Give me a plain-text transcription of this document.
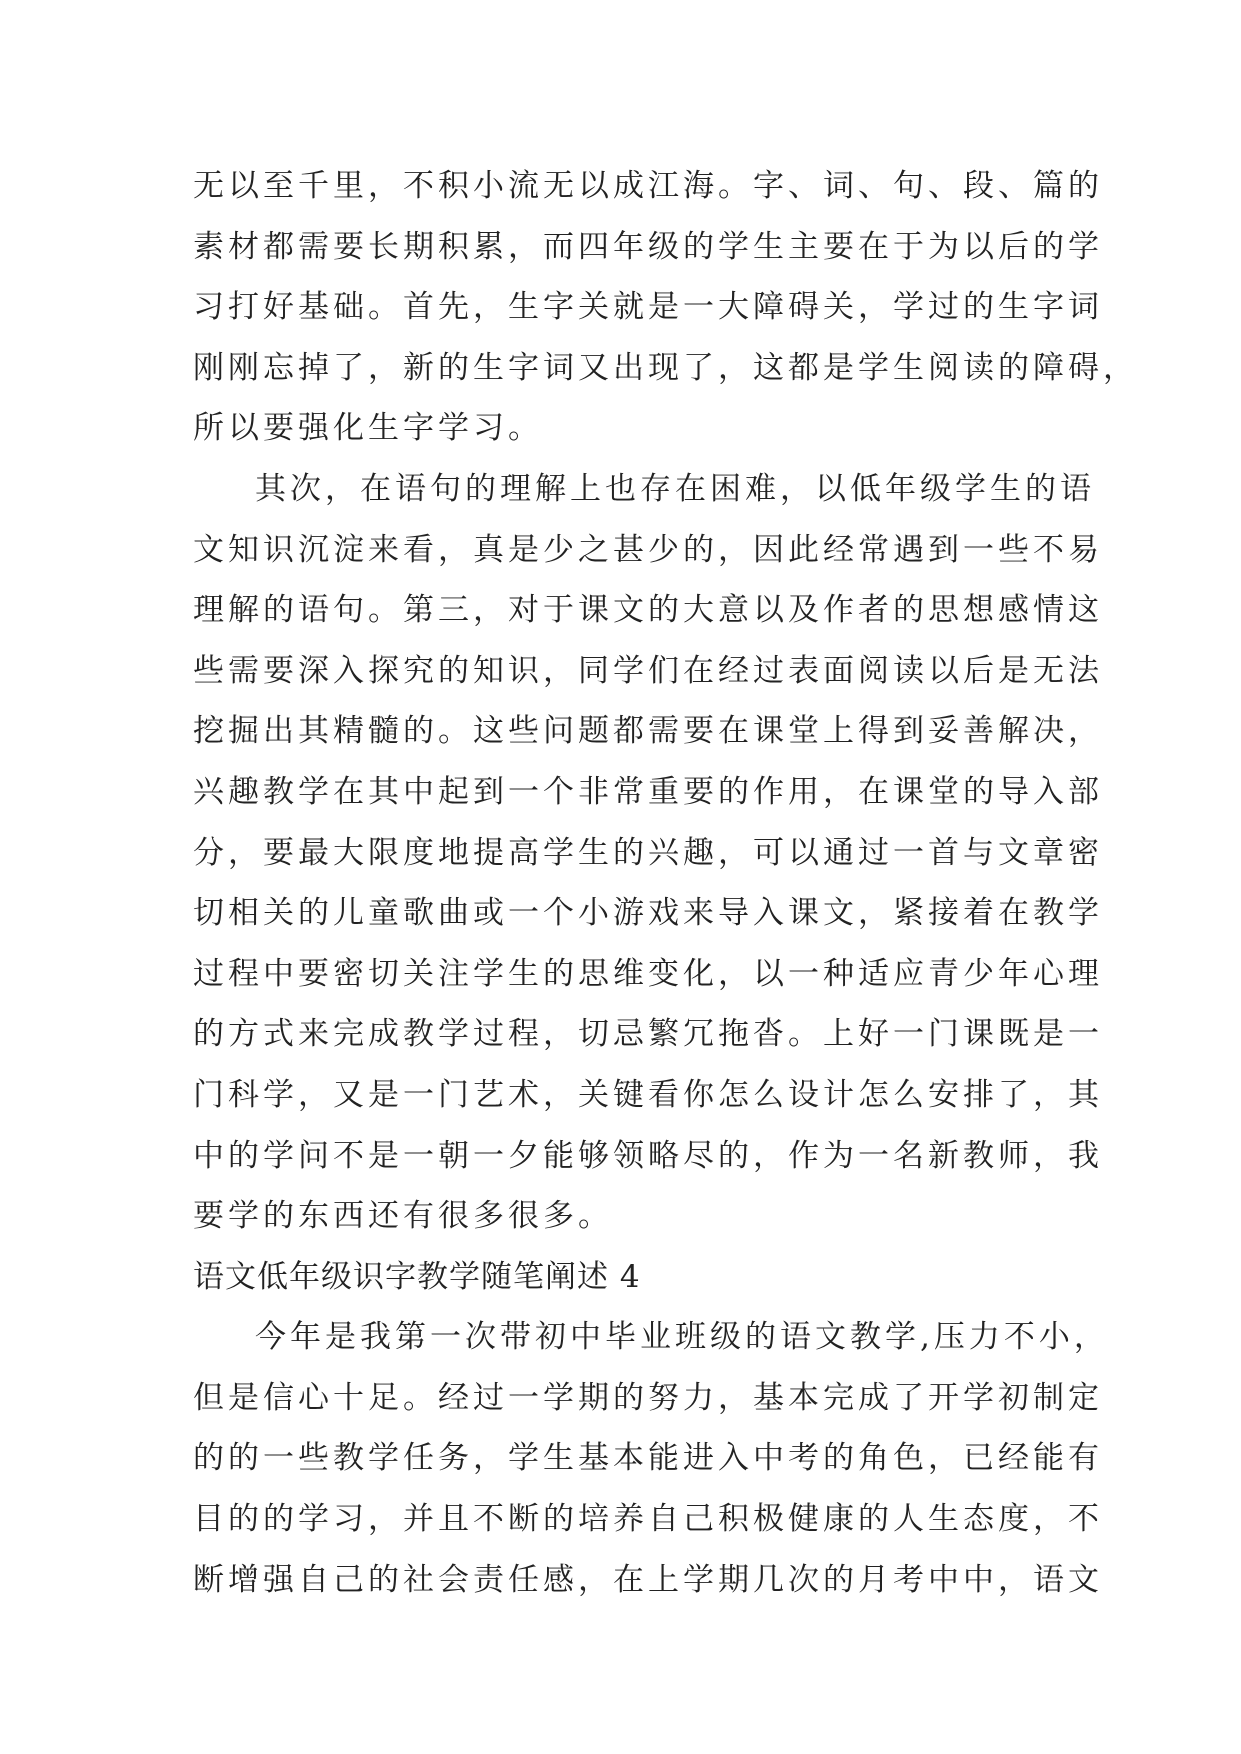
无以至千里，不积小流无以成江海。字、词、句、段、篇的
素材都需要长期积累，而四年级的学生主要在于为以后的学
习打好基础。首先，生字关就是一大障碍关，学过的生字词
刚刚忘掉了，新的生字词又出现了，这都是学生阅读的障碍，
所以要强化生字学习。
其次，在语句的理解上也存在困难，以低年级学生的语
文知识沉淀来看，真是少之甚少的，因此经常遇到一些不易
理解的语句。第三，对于课文的大意以及作者的思想感情这
些需要深入探究的知识，同学们在经过表面阅读以后是无法
挖掘出其精髓的。这些问题都需要在课堂上得到妥善解决，
兴趣教学在其中起到一个非常重要的作用，在课堂的导入部
分，要最大限度地提高学生的兴趣，可以通过一首与文章密
切相关的儿童歌曲或一个小游戏来导入课文，紧接着在教学
过程中要密切关注学生的思维变化，以一种适应青少年心理
的方式来完成教学过程，切忌繁冗拖沓。上好一门课既是一
门科学，又是一门艺术，关键看你怎么设计怎么安排了，其
中的学问不是一朝一夕能够领略尽的，作为一名新教师，我
要学的东西还有很多很多。
语文低年级识字教学随笔阐述 4
今年是我第一次带初中毕业班级的语文教学,压力不小，
但是信心十足。经过一学期的努力，基本完成了开学初制定
的的一些教学任务，学生基本能进入中考的角色，已经能有
目的的学习，并且不断的培养自己积极健康的人生态度，不
断增强自己的社会责任感，在上学期几次的月考中中，语文
